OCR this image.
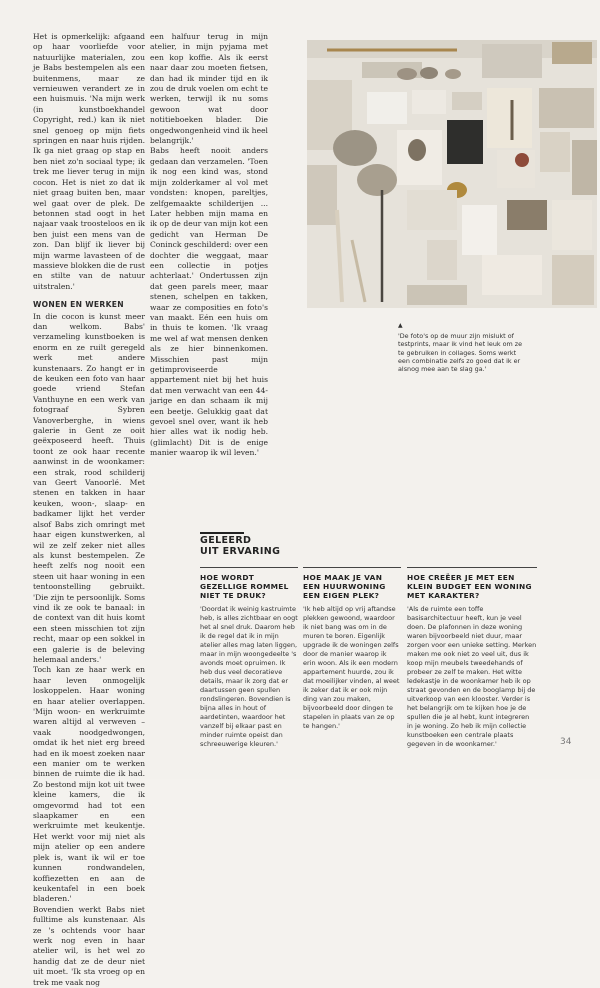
Het is opmerkelijk: afgaand op haar voorliefde voor natuurlijke materialen, zou je Babs bestempelen als een buitenmens, maar ze vernieuwen verandert ze in een huismuis. 'Na mijn werk (in kunstboekhandel Copyright, red.) kan ik niet snel genoeg op mijn fiets springen en naar huis rijden. Ik ga niet graag op stap en ben niet zo'n sociaal type; ik trek me liever terug in mijn cocon. Het is niet zo dat ik niet graag buiten ben, maar wel gaat over de plek. De betonnen stad oogt in het najaar vaak troosteloos en ik ben juist een mens van de zon. Dan blijf ik liever bij mijn warme lavasteen of de massieve blokken die de rust en stilte van de natuur uitstralen.'

WONEN EN WERKEN

In die cocon is kunst meer dan welkom. Babs' verzameling kunstboeken is enorm en ze ruilt geregeld werk met andere kunstenaars. Zo hangt er in de keuken een foto van haar goede vriend Stefan Vanthuyne en een werk van fotograaf Sybren Vanoverberghe, in wiens galerie in Gent ze ooit geëxposeerd heeft. Thuis toont ze ook haar recente aanwinst in de woonkamer: een strak, rood schilderij van Geert Vanoorlé. Met stenen en takken in haar keuken, woon-, slaap- en badkamer lijkt het verder alsof Babs zich omringt met haar eigen kunstwerken, al wil ze zelf zeker niet alles als kunst bestempelen. Ze heeft zelfs nog nooit een steen uit haar woning in een tentoonstelling gebruikt. 'Die zijn te persoonlijk. Soms vind ik ze ook te banaal: in de context van dit huis komt een steen misschien tot zijn recht, maar op een sokkel in een galerie is de beleving helemaal anders.'

Toch kan ze haar werk en haar leven onmogelijk loskoppelen. Haar woning en haar atelier overlappen. 'Mijn woon- en werkruimte waren altijd al verweven – vaak noodgedwongen, omdat ik het niet erg breed had en ik moest zoeken naar een manier om te werken binnen de ruimte die ik had. Zo bestond mijn kot uit twee kleine kamers, die ik omgevormd had tot een slaapkamer en een werkruimte met keukentje. Het werkt voor mij niet als mijn atelier op een andere plek is, want ik wil er toe kunnen rondwandelen, koffiezetten en aan de keukentafel in een boek bladeren.'

Bovendien werkt Babs niet fulltime als kunstenaar. Als ze 's ochtends voor haar werk nog even in haar atelier wil, is het wel zo handig dat ze de deur niet uit moet. 'Ik sta vroeg op en trek me vaak nog

een halfuur terug in mijn atelier, in mijn pyjama met een kop koffie. Als ik eerst naar daar zou moeten fietsen, dan had ik minder tijd en ik zou de druk voelen om echt te werken, terwijl ik nu soms gewoon wat door notitieboeken blader. Die ongedwongenheid vind ik heel belangrijk.'

Babs heeft nooit anders gedaan dan verzamelen. 'Toen ik nog een kind was, stond mijn zolderkamer al vol met vondsten: knopen, pareltjes, zelfgemaakte schilderijen ... Later hebben mijn mama en ik op de deur van mijn kot een gedicht van Herman De Coninck geschilderd: over een dochter die weggaat, maar een collectie in potjes achterlaat.' Ondertussen zijn dat geen parels meer, maar stenen, schelpen en takken, waar ze composities en foto's van maakt. Eén een huis om in thuis te komen. 'Ik vraag me wel af wat mensen denken als ze hier binnenkomen. Misschien past mijn getimproviseerde appartement niet bij het huis dat men verwacht van een 44-jarige en dan schaam ik mij een beetje. Gelukkig gaat dat gevoel snel over, want ik heb hier alles wat ik nodig heb. (glimlacht) Dit is de enige manier waarop ik wil leven.'

▲
'De foto's op de muur zijn mislukt of testprints, maar ik vind het leuk om ze te gebruiken in collages. Soms werkt een combinatie zelfs zo goed dat ik er alsnog mee aan te slag ga.'
GELEERD
UIT ERVARING
HOE WORDT GEZELLIGE ROMMEL NIET TE DRUK?
'Doordat ik weinig kastruimte heb, is alles zichtbaar en oogt het al snel druk. Daarom heb ik de regel dat ik in mijn atelier alles mag laten liggen, maar in mijn woongedeelte 's avonds moet opruimen. Ik heb dus veel decoratieve details, maar ik zorg dat er daartussen geen spullen rondslingeren. Bovendien is bijna alles in hout of aardetinten, waardoor het vanzelf bij elkaar past en minder ruimte opeist dan schreeuwerige kleuren.'
HOE MAAK JE VAN EEN HUURWONING EEN EIGEN PLEK?
'Ik heb altijd op vrij aftandse plekken gewoond, waardoor ik niet bang was om in de muren te boren. Eigenlijk upgrade ik de woningen zelfs door de manier waarop ik erin woon. Als ik een modern appartement huurde, zou ik dat moeilijker vinden, al weet ik zeker dat ik er ook mijn ding van zou maken, bijvoorbeeld door dingen te stapelen in plaats van ze op te hangen.'
HOE CREËER JE MET EEN KLEIN BUDGET EEN WONING MET KARAKTER?
'Als de ruimte een toffe basisarchitectuur heeft, kun je veel doen. De plafonnen in deze woning waren bijvoorbeeld niet duur, maar zorgen voor een unieke setting. Merken maken me ook niet zo veel uit, dus ik koop mijn meubels tweedehands of probeer ze zelf te maken. Het witte ledekastje in de woonkamer heb ik op straat gevonden en de booglamp bij de uitverkoop van een klooster. Verder is het belangrijk om te kijken hoe je de spullen die je al hebt, kunt integreren in je woning. Zo heb ik mijn collectie kunstboeken een centrale plaats gegeven in de woonkamer.'	34
